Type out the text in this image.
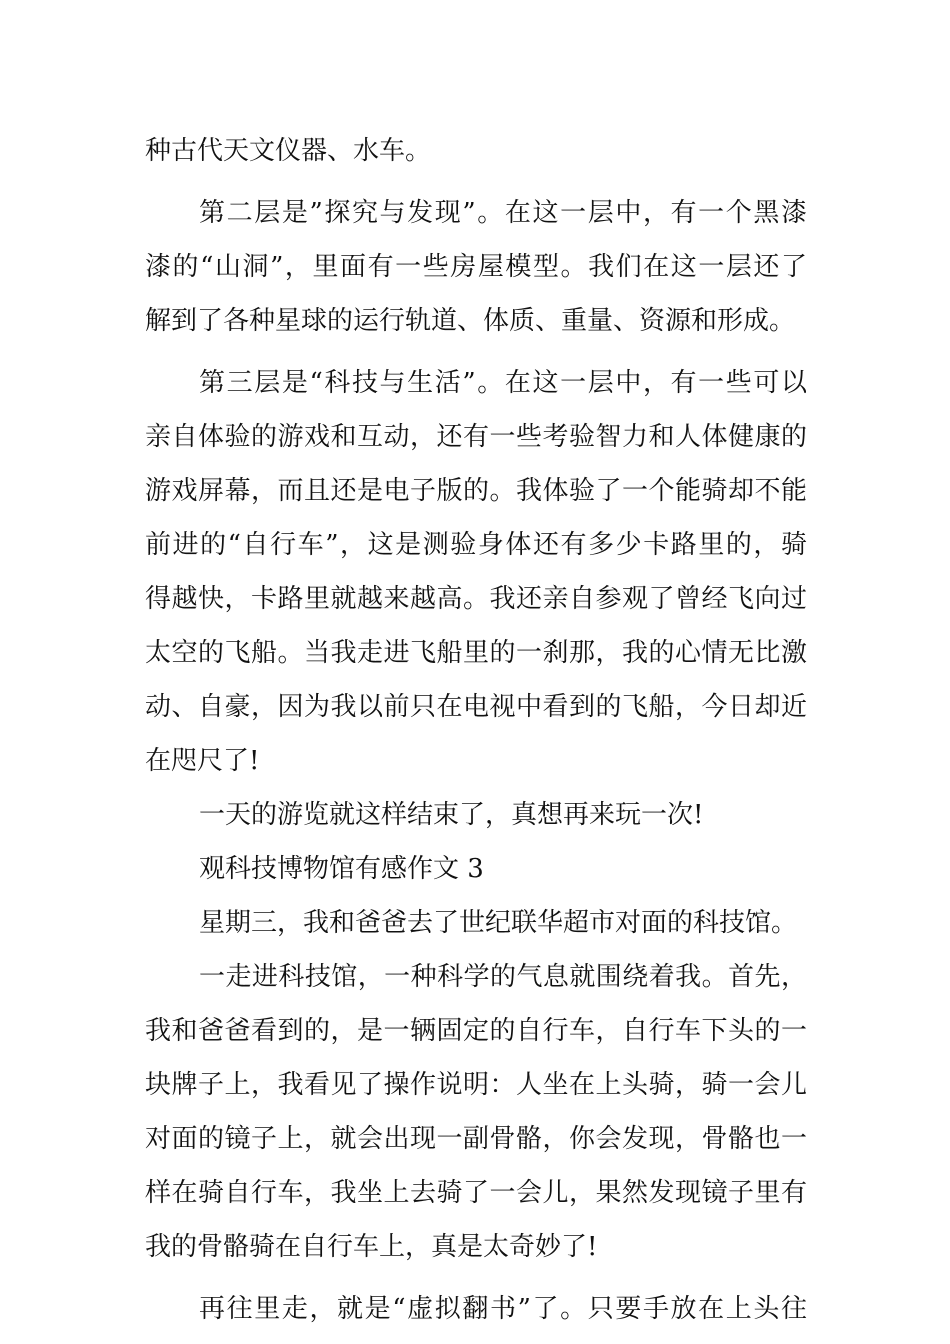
种古代天文仪器、水车。
第二层是”探究与发现”。在这一层中，有一个黑漆
漆的“山洞”，里面有一些房屋模型。我们在这一层还了
解到了各种星球的运行轨道、体质、重量、资源和形成。
第三层是“科技与生活”。在这一层中，有一些可以
亲自体验的游戏和互动，还有一些考验智力和人体健康的
游戏屏幕，而且还是电子版的。我体验了一个能骑却不能
前进的“自行车”，这是测验身体还有多少卡路里的，骑
得越快，卡路里就越来越高。我还亲自参观了曾经飞向过
太空的飞船。当我走进飞船里的一刹那，我的心情无比激
动、自豪，因为我以前只在电视中看到的飞船，今日却近
在咫尺了!
一天的游览就这样结束了，真想再来玩一次!
观科技博物馆有感作文 3
星期三，我和爸爸去了世纪联华超市对面的科技馆。
一走进科技馆，一种科学的气息就围绕着我。首先，
我和爸爸看到的，是一辆固定的自行车，自行车下头的一
块牌子上，我看见了操作说明：人坐在上头骑，骑一会儿
对面的镜子上，就会出现一副骨骼，你会发现，骨骼也一
样在骑自行车，我坐上去骑了一会儿，果然发现镜子里有
我的骨骼骑在自行车上，真是太奇妙了!
再往里走，就是“虚拟翻书”了。只要手放在上头往
